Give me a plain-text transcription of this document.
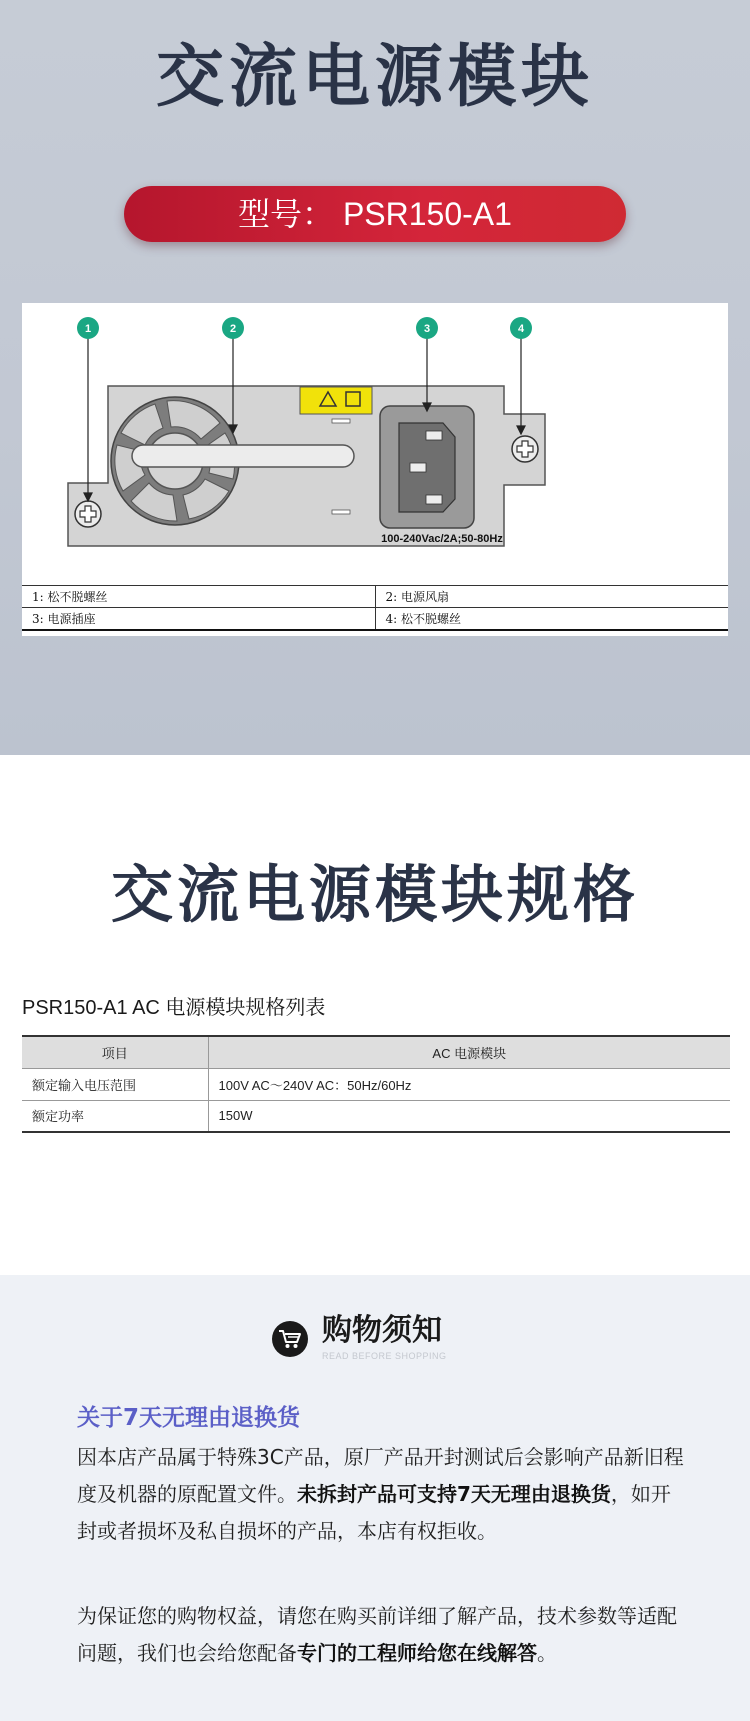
交流电源模块
型号： PSR150-A1
100-240Vac/2A;50-80Hz
1	2	3	4
1: 松不脱螺丝	2: 电源风扇
3: 电源插座	4: 松不脱螺丝
交流电源模块规格
PSR150-A1 AC 电源模块规格列表
项目	AC 电源模块
额定输入电压范围	100V AC～240V AC：50Hz/60Hz
额定功率	150W
购物须知
READ BEFORE SHOPPING
关于7天无理由退换货

因本店产品属于特殊3C产品，原厂产品开封测试后会影响产品新旧程度及机器的原配置文件。未拆封产品可支持7天无理由退换货，如开封或者损坏及私自损坏的产品，本店有权拒收。

为保证您的购物权益，请您在购买前详细了解产品，技术参数等适配问题，我们也会给您配备专门的工程师给您在线解答。
